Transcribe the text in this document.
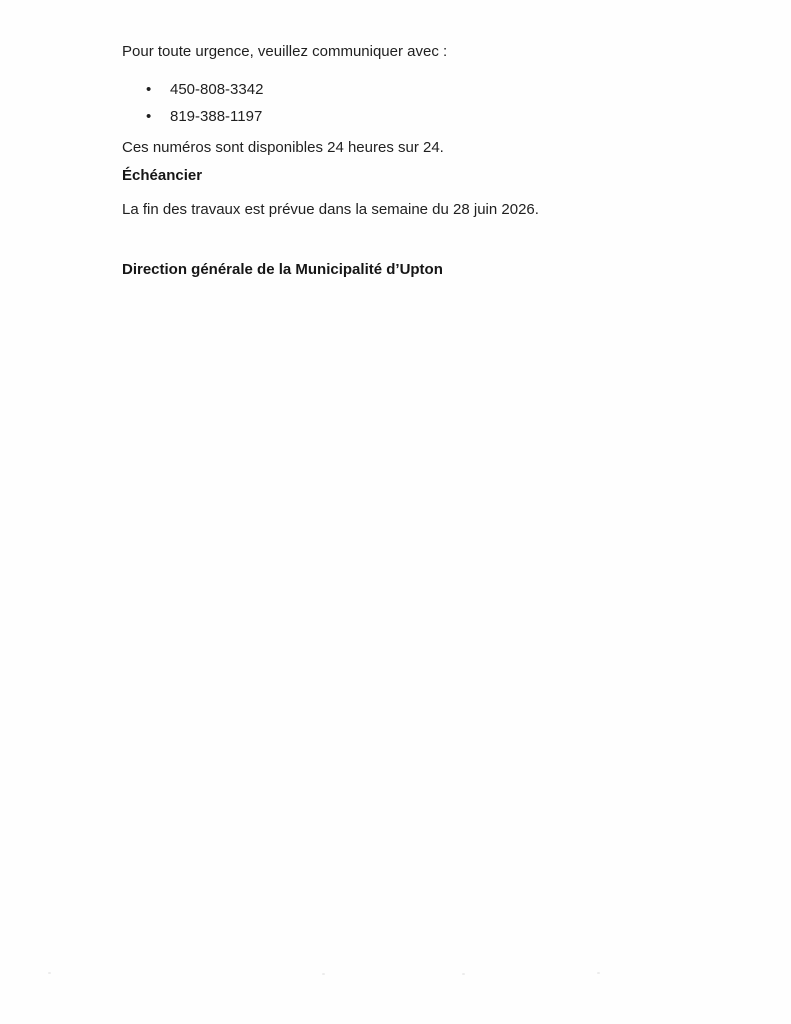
Pour toute urgence, veuillez communiquer avec :

• 450-808-3342
• 819-388-1197

Ces numéros sont disponibles 24 heures sur 24.

Échéancier

La fin des travaux est prévue dans la semaine du 28 juin 2026.

Direction générale de la Municipalité d’Upton
